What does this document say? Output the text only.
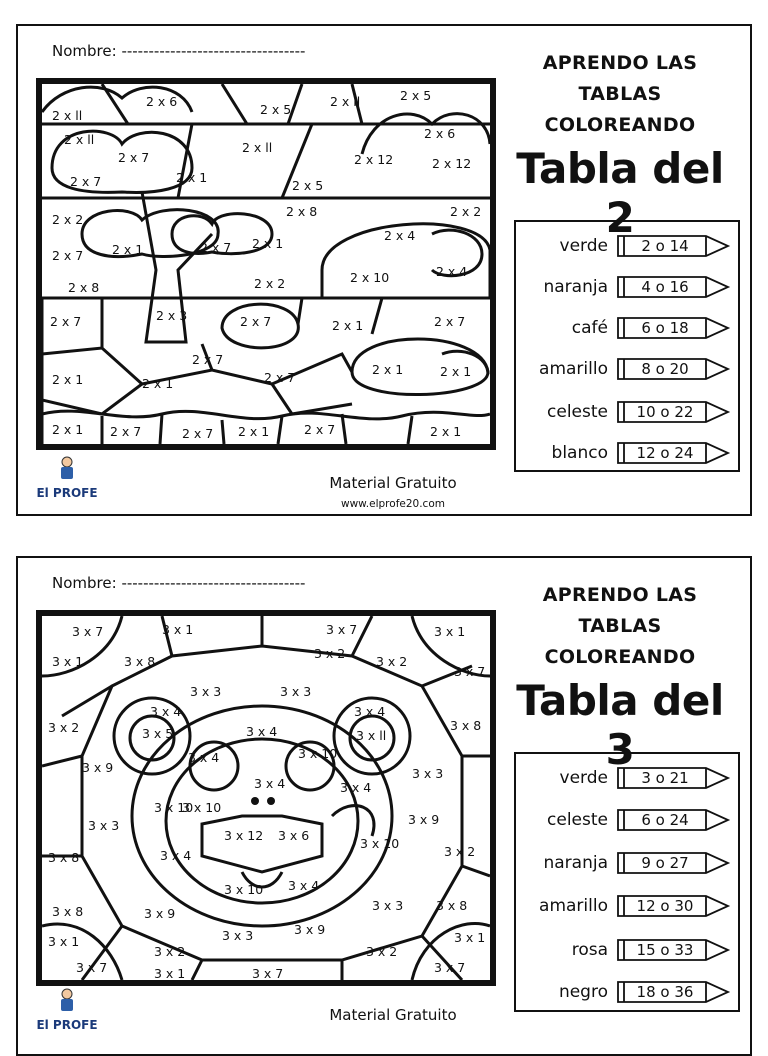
Nombre: ----------------------------------
APRENDO LAS TABLAS
COLOREANDO
Tabla del 2
2 x 6
2 x 5
2 x ll
2 x 5
2 x ll
2 x ll
2 x 7
2 x ll
2 x 6
2 x 12	2 x 12
2 x 7	2 x 1
2 x 5
2 x 8
2 x 2
2 x 2
2 x 1
2 x 7
2 x 1
2 x 4
2 x 7
2 x 10	2 x 4
2 x 2
2 x 8
2 x 3
2 x 7	2 x 7	2 x 1	2 x 7
2 x 7
2 x 1	2 x 1
2 x 7
2 x 1	2 x 1
2 x 1 2 x 7	2 x 7 2 x 1	2 x 7	2 x 1
verde	2 o 14
naranja	4 o 16
café	6 o 18
amarillo	8 o 20
celeste	10 o 22
blanco	12 o 24
El PROFE
Material Gratuito
www.elprofe20.com
Nombre: ----------------------------------
APRENDO LAS TABLAS
COLOREANDO
Tabla del 3
3 x 7	3 x 1	3 x 7	3 x 1
3 x 1	3 x 8
3 x 2
3 x 2
3 x 7
3 x 3	3 x 3
3 x 4	3 x 4
3 x 2	3 x 5	3 x 4	3 x ll
3 x 8
3 x 9
3 x 4	3 x 10
3 x 4	3 x 4
3 x 3
3 x 10
3 x 10
3 x 3
3 x 12 3 x 6
3 x 9
3 x 8	3 x 4
3 x 10
3 x 2
3 x 10 3 x 4
3 x 8	3 x 9
3 x 3
3 x 9
3 x 3
3 x 8
3 x 1
3 x 2	3 x 2
3 x 1
3 x 7	3 x 1	3 x 7	3 x 7
verde	3 o 21
celeste	6 o 24
naranja	9 o 27
amarillo	12 o 30
rosa	15 o 33
negro	18 o 36
El PROFE
Material Gratuito
